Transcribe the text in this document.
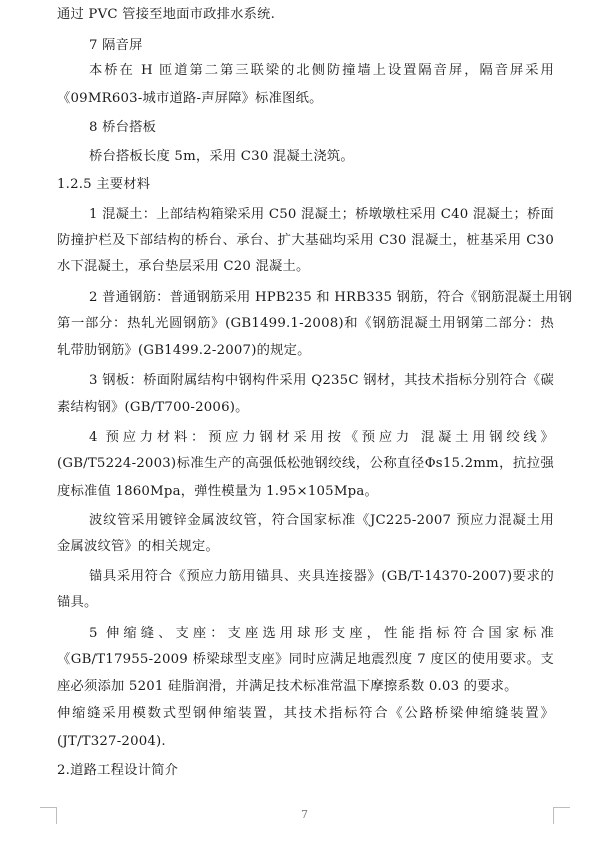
通过 PVC 管接至地面市政排水系统.

7 隔音屏

本桥在 H 匝道第二第三联梁的北侧防撞墙上设置隔音屏，隔音屏采用

《09MR603-城市道路-声屏障》标准图纸。

8 桥台搭板

桥台搭板长度 5m，采用 C30 混凝土浇筑。

1.2.5 主要材料

1 混凝土：上部结构箱梁采用 C50 混凝土；桥墩墩柱采用 C40 混凝土；桥面

防撞护栏及下部结构的桥台、承台、扩大基础均采用 C30 混凝土，桩基采用 C30

水下混凝土，承台垫层采用 C20 混凝土。

2 普通钢筋：普通钢筋采用 HPB235 和 HRB335 钢筋，符合《钢筋混凝土用钢

第一部分：热轧光圆钢筋》(GB1499.1-2008)和《钢筋混凝土用钢第二部分：热

轧带肋钢筋》(GB1499.2-2007)的规定。

3 钢板：桥面附属结构中钢构件采用 Q235C 钢材，其技术指标分别符合《碳

素结构钢》(GB/T700-2006)。

4 预应力材料：预应力钢材采用按《预应力 混凝土用钢绞线》

(GB/T5224-2003)标准生产的高强低松弛钢绞线，公称直径Φs15.2mm，抗拉强

度标准值 1860Mpa，弹性模量为 1.95×105Mpa。

波纹管采用镀锌金属波纹管，符合国家标准《JC225-2007 预应力混凝土用

金属波纹管》的相关规定。

锚具采用符合《预应力筋用锚具、夹具连接器》(GB/T-14370-2007)要求的

锚具。

5 伸缩缝、支座：支座选用球形支座，性能指标符合国家标准

《GB/T17955-2009 桥梁球型支座》同时应满足地震烈度 7 度区的使用要求。支

座必须添加 5201 硅脂润滑，并满足技术标准常温下摩擦系数 0.03 的要求。

伸缩缝采用模数式型钢伸缩装置，其技术指标符合《公路桥梁伸缩缝装置》

(JT/T327-2004).

2.道路工程设计简介

7
